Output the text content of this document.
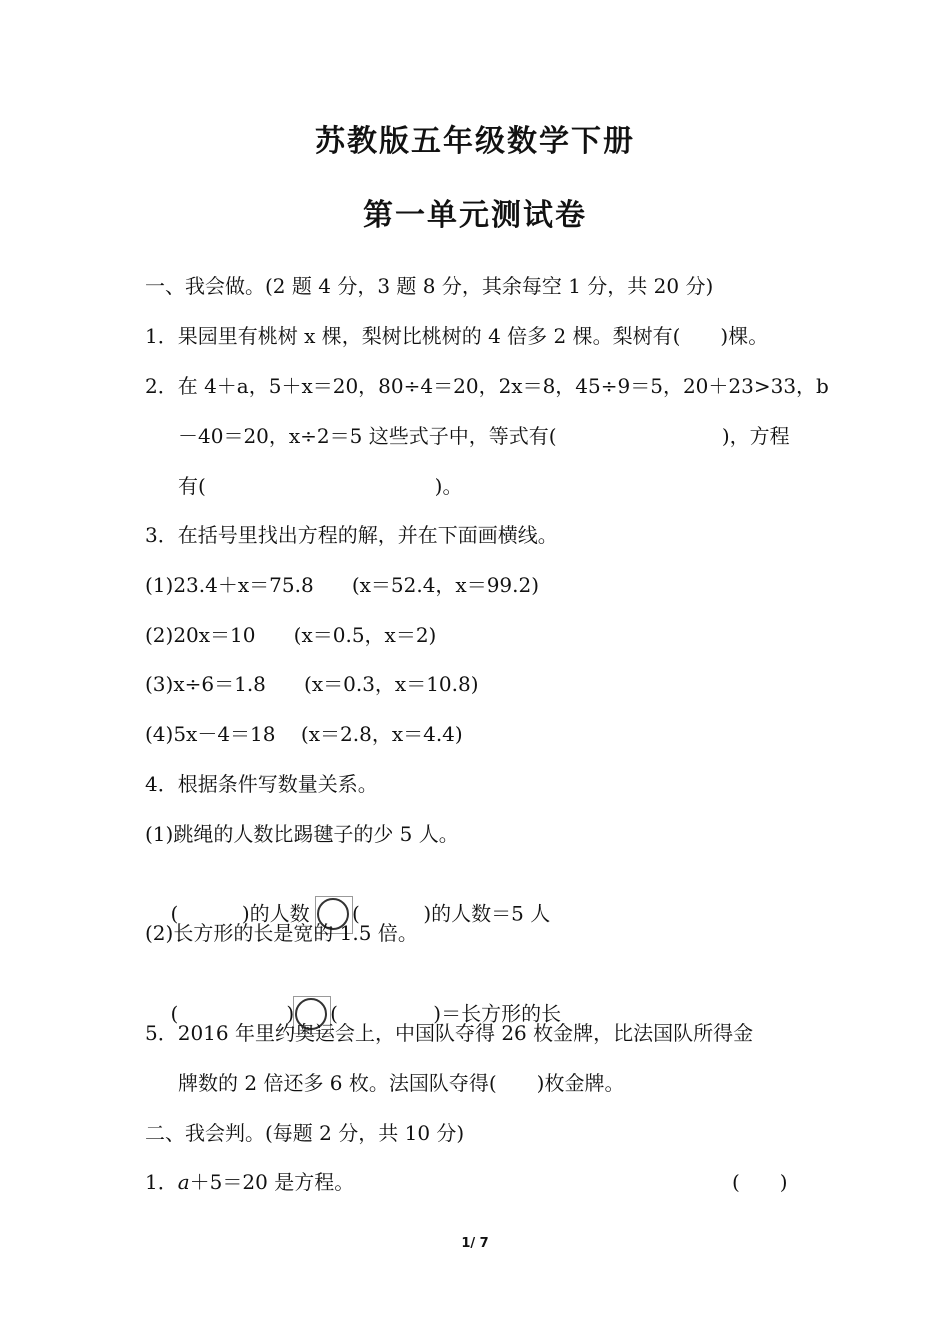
苏教版五年级数学下册
第一单元测试卷
一、我会做。(2 题 4 分，3 题 8 分，其余每空 1 分，共 20 分)
1．果园里有桃树 x 棵，梨树比桃树的 4 倍多 2 棵。梨树有(　　)棵。
2．在 4＋a，5＋x＝20，80÷4＝20，2x＝8，45÷9＝5，20＋23>33，b
－40＝20，x÷2＝5 这些式子中，等式有(                          )，方程
有(                                    )。
3．在括号里找出方程的解，并在下面画横线。
(1)23.4＋x＝75.8      (x＝52.4，x＝99.2)
(2)20x＝10      (x＝0.5，x＝2)
(3)x÷6＝1.8      (x＝0.3，x＝10.8)
(4)5x－4＝18    (x＝2.8，x＝4.4)
4．根据条件写数量关系。
(1)跳绳的人数比踢毽子的少 5 人。

(          )的人数
(          )的人数＝5 人

(2)长方形的长是宽的 1.5 倍。

(                 ) (               )＝长方形的长

5．2016 年里约奥运会上，中国队夺得 26 枚金牌，比法国队所得金
牌数的 2 倍还多 6 枚。法国队夺得(　　)枚金牌。
二、我会判。(每题 2 分，共 10 分)
1．a＋5＝20 是方程。	(　　)
1/ 7
